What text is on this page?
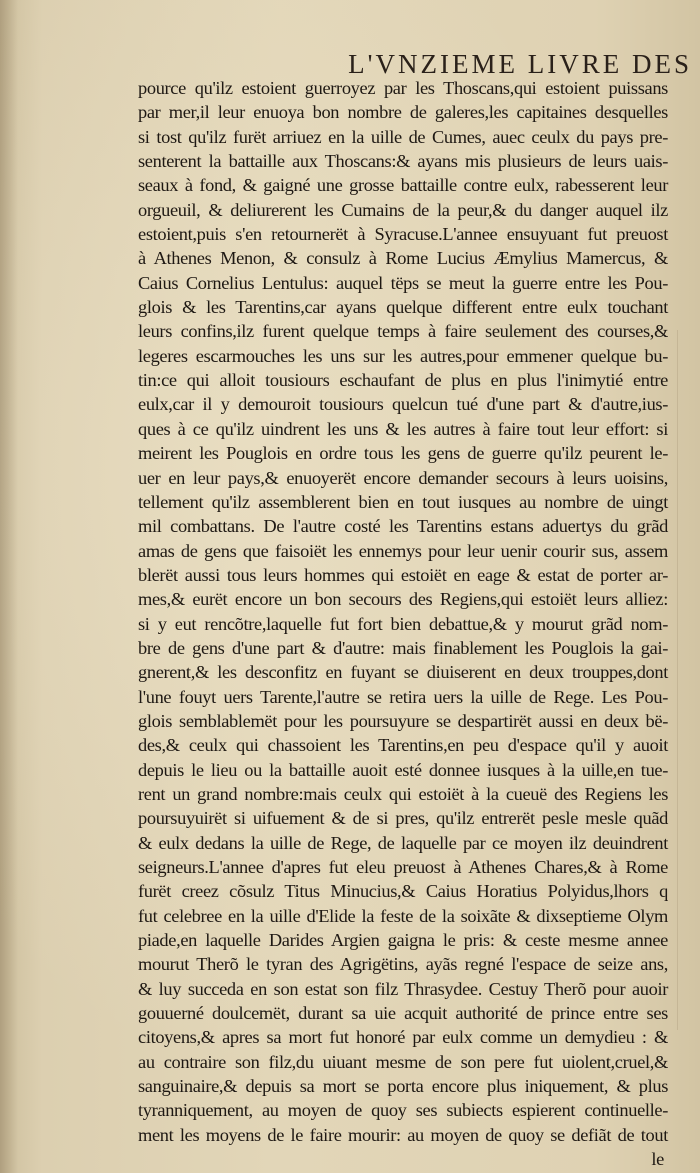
L'VNZIEME LIVRE DES
pource qu'ilz estoient guerroyez par les Thoscans,qui estoient puissans
par mer,il leur enuoya bon nombre de galeres,les capitaines desquelles
si tost qu'ilz furët arriuez en la uille de Cumes, auec ceulx du pays pre-
senterent la battaille aux Thoscans:& ayans mis plusieurs de leurs uais-
seaux à fond, & gaigné une grosse battaille contre eulx, rabesserent leur
orgueuil, & deliurerent les Cumains de la peur,& du danger auquel ilz
estoient,puis s'en retournerët à Syracuse.L'annee ensuyuant fut preuost
à Athenes Menon, & consulz à Rome Lucius Æmylius Mamercus, &
Caius Cornelius Lentulus: auquel tëps se meut la guerre entre les Pou-
glois & les Tarentins,car ayans quelque different entre eulx touchant
leurs confins,ilz furent quelque temps à faire seulement des courses,&
legeres escarmouches les uns sur les autres,pour emmener quelque bu-
tin:ce qui alloit tousiours eschaufant de plus en plus l'inimytié entre
eulx,car il y demouroit tousiours quelcun tué d'une part & d'autre,ius-
ques à ce qu'ilz uindrent les uns & les autres à faire tout leur effort: si
meirent les Pouglois en ordre tous les gens de guerre qu'ilz peurent le-
uer en leur pays,& enuoyerët encore demander secours à leurs uoisins,
tellement qu'ilz assemblerent bien en tout iusques au nombre de uingt
mil combattans. De l'autre costé les Tarentins estans aduertys du grãd
amas de gens que faisoiët les ennemys pour leur uenir courir sus, assem
blerët aussi tous leurs hommes qui estoiët en eage & estat de porter ar-
mes,& eurët encore un bon secours des Regiens,qui estoiët leurs alliez:
si y eut rencõtre,laquelle fut fort bien debattue,& y mourut grãd nom-
bre de gens d'une part & d'autre: mais finablement les Pouglois la gai-
gnerent,& les desconfitz en fuyant se diuiserent en deux trouppes,dont
l'une fouyt uers Tarente,l'autre se retira uers la uille de Rege. Les Pou-
glois semblablemët pour les poursuyure se despartirët aussi en deux bë-
des,& ceulx qui chassoient les Tarentins,en peu d'espace qu'il y auoit
depuis le lieu ou la battaille auoit esté donnee iusques à la uille,en tue-
rent un grand nombre:mais ceulx qui estoiët à la cueuë des Regiens les
poursuyuirët si uifuement & de si pres, qu'ilz entrerët pesle mesle quãd
& eulx dedans la uille de Rege, de laquelle par ce moyen ilz deuindrent
seigneurs.L'annee d'apres fut eleu preuost à Athenes Chares,& à Rome
furët creez cõsulz Titus Minucius,& Caius Horatius Polyidus,lhors q
fut celebree en la uille d'Elide la feste de la soixãte & dixseptieme Olym
piade,en laquelle Darides Argien gaigna le pris: & ceste mesme annee
mourut Therõ le tyran des Agrigëtins, ayãs regné l'espace de seize ans,
& luy succeda en son estat son filz Thrasydee. Cestuy Therõ pour auoir
gouuerné doulcemët, durant sa uie acquit authorité de prince entre ses
citoyens,& apres sa mort fut honoré par eulx comme un demydieu : &
au contraire son filz,du uiuant mesme de son pere fut uiolent,cruel,&
sanguinaire,& depuis sa mort se porta encore plus iniquement, & plus
tyranniquement, au moyen de quoy ses subiects espierent continuelle-
ment les moyens de le faire mourir: au moyen de quoy se defiãt de tout
le
